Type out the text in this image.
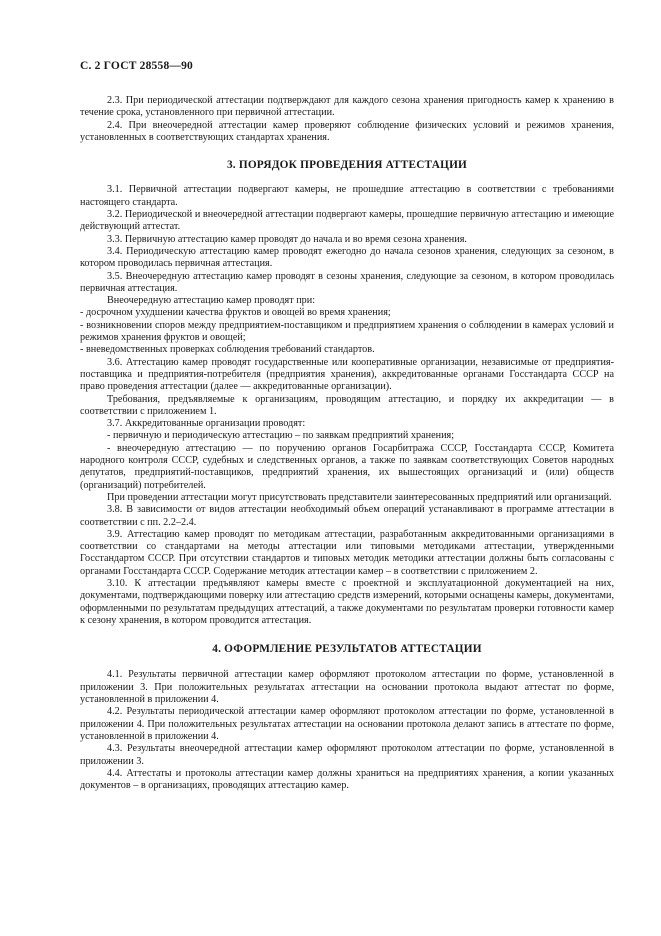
С. 2 ГОСТ 28558—90

2.3. При периодической аттестации подтверждают для каждого сезона хранения пригодность камер к хранению в течение срока, установленного при первичной аттестации.

2.4. При внеочередной аттестации камер проверяют соблюдение физических условий и режимов хранения, установленных в соответствующих стандартах хранения.

3. ПОРЯДОК ПРОВЕДЕНИЯ АТТЕСТАЦИИ

3.1. Первичной аттестации подвергают камеры, не прошедшие аттестацию в соответствии с требованиями настоящего стандарта.

3.2. Периодической и внеочередной аттестации подвергают камеры, прошедшие первичную аттестацию и имеющие действующий аттестат.

3.3. Первичную аттестацию камер проводят до начала и во время сезона хранения.

3.4. Периодическую аттестацию камер проводят ежегодно до начала сезонов хранения, следующих за сезоном, в котором проводилась первичная аттестация.

3.5. Внеочередную аттестацию камер проводят в сезоны хранения, следующие за сезоном, в котором проводилась первичная аттестация.

Внеочередную аттестацию камер проводят при:

- досрочном ухудшении качества фруктов и овощей во время хранения;

- возникновении споров между предприятием-поставщиком и предприятием хранения о соблюдении в камерах условий и режимов хранения фруктов и овощей;

- вневедомственных проверках соблюдения требований стандартов.

3.6. Аттестацию камер проводят государственные или кооперативные организации, независимые от предприятия-поставщика и предприятия-потребителя (предприятия хранения), аккредитованные органами Госстандарта СССР на право проведения аттестации (далее — аккредитованные организации).

Требования, предъявляемые к организациям, проводящим аттестацию, и порядку их аккредитации — в соответствии с приложением 1.

3.7. Аккредитованные организации проводят:

- первичную и периодическую аттестацию – по заявкам предприятий хранения;

- внеочередную аттестацию — по поручению органов Госарбитража СССР, Госстандарта СССР, Комитета народного контроля СССР, судебных и следственных органов, а также по заявкам соответствующих Советов народных депутатов, предприятий-поставщиков, предприятий хранения, их вышестоящих организаций и (или) обществ (организаций) потребителей.

При проведении аттестации могут присутствовать представители заинтересованных предприятий или организаций.

3.8. В зависимости от видов аттестации необходимый объем операций устанавливают в программе аттестации в соответствии с пп. 2.2–2.4.

3.9. Аттестацию камер проводят по методикам аттестации, разработанным аккредитованными организациями в соответствии со стандартами на методы аттестации или типовыми методиками аттестации, утвержденными Госстандартом СССР. При отсутствии стандартов и типовых методик методики аттестации должны быть согласованы с органами Госстандарта СССР. Содержание методик аттестации камер – в соответствии с приложением 2.

3.10. К аттестации предъявляют камеры вместе с проектной и эксплуатационной документацией на них, документами, подтверждающими поверку или аттестацию средств измерений, которыми оснащены камеры, документами, оформленными по результатам предыдущих аттестаций, а также документами по результатам проверки готовности камер к сезону хранения, в котором проводится аттестация.

4. ОФОРМЛЕНИЕ РЕЗУЛЬТАТОВ АТТЕСТАЦИИ

4.1. Результаты первичной аттестации камер оформляют протоколом аттестации по форме, установленной в приложении 3. При положительных результатах аттестации на основании протокола выдают аттестат по форме, установленной в приложении 4.

4.2. Результаты периодической аттестации камер оформляют протоколом аттестации по форме, установленной в приложении 4. При положительных результатах аттестации на основании протокола делают запись в аттестате по форме, установленной в приложении 4.

4.3. Результаты внеочередной аттестации камер оформляют протоколом аттестации по форме, установленной в приложении 3.

4.4. Аттестаты и протоколы аттестации камер должны храниться на предприятиях хранения, а копии указанных документов – в организациях, проводящих аттестацию камер.
